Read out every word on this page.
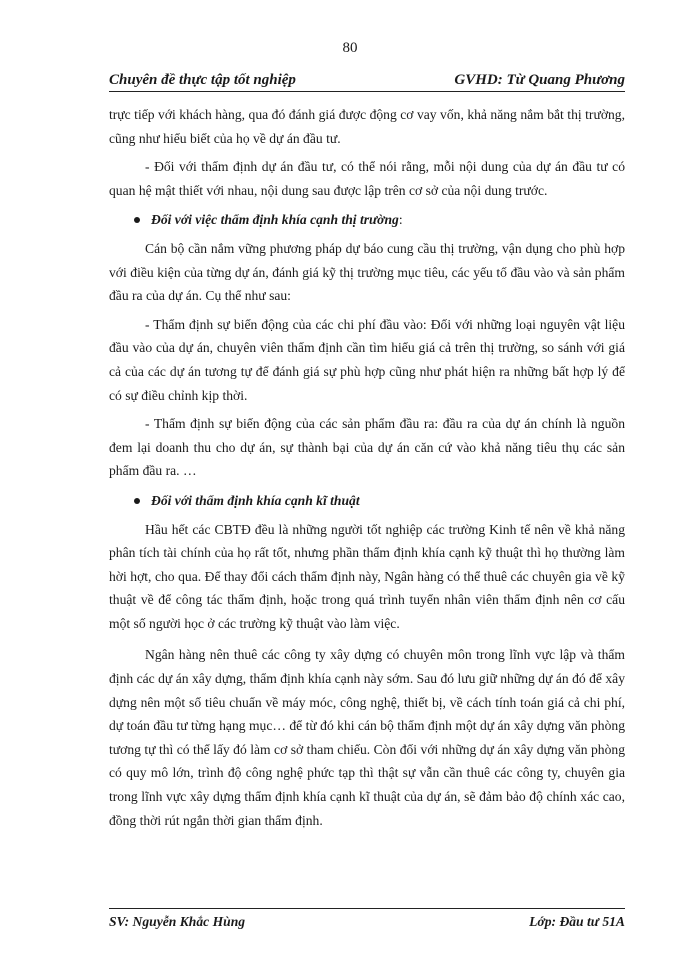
80
Chuyên đề thực tập tốt nghiệp	GVHD: Từ Quang Phương

trực tiếp với khách hàng, qua đó đánh giá được động cơ vay vốn, khả năng nắm bắt thị trường, cũng như hiểu biết của họ về dự án đầu tư.

- Đối với thẩm định dự án đầu tư, có thể nói rằng, mỗi nội dung của dự án đầu tư có quan hệ mật thiết với nhau, nội dung sau được lập trên cơ sở của nội dung trước.

Đối với việc thẩm định khía cạnh thị trường:

Cán bộ cần nắm vững phương pháp dự báo cung cầu thị trường, vận dụng cho phù hợp với điều kiện của từng dự án, đánh giá kỹ thị trường mục tiêu, các yếu tố đầu vào và sản phẩm đầu ra của dự án. Cụ thể như sau:

- Thẩm định sự biến động của các chi phí đầu vào: Đối với những loại nguyên vật liệu đầu vào của dự án, chuyên viên thẩm định cần tìm hiểu giá cả trên thị trường, so sánh với giá cả của các dự án tương tự để đánh giá sự phù hợp cũng như phát hiện ra những bất hợp lý để có sự điều chỉnh kịp thời.

- Thẩm định sự biến động của các sản phẩm đầu ra: đầu ra của dự án chính là nguồn đem lại doanh thu cho dự án, sự thành bại của dự án căn cứ vào khả năng tiêu thụ các sản phẩm đầu ra. …

Đối với thẩm định khía cạnh kĩ thuật

Hầu hết các CBTĐ đều là những người tốt nghiệp các trường Kinh tế nên về khả năng phân tích tài chính của họ rất tốt, nhưng phần thẩm định khía cạnh kỹ thuật thì họ thường làm hời hợt, cho qua. Để thay đổi cách thẩm định này, Ngân hàng có thể thuê các chuyên gia về kỹ thuật về để công tác thẩm định, hoặc trong quá trình tuyển nhân viên thẩm định nên cơ cấu một số người học ở các trường kỹ thuật vào làm việc.

Ngân hàng nên thuê các công ty xây dựng có chuyên môn trong lĩnh vực lập và thẩm định các dự án xây dựng, thẩm định khía cạnh này sớm. Sau đó lưu giữ những dự án đó để xây dựng nên một số tiêu chuẩn về máy móc, công nghệ, thiết bị, về cách tính toán giá cả chi phí, dự toán đầu tư từng hạng mục… để từ đó khi cán bộ thẩm định một dự án xây dựng văn phòng tương tự thì có thể lấy đó làm cơ sở tham chiếu. Còn đối với những dự án xây dựng văn phòng có quy mô lớn, trình độ công nghệ phức tạp thì thật sự vẫn cần thuê các công ty, chuyên gia trong lĩnh vực xây dựng thẩm định khía cạnh kĩ thuật của dự án, sẽ đảm bảo độ chính xác cao, đồng thời rút ngắn thời gian thẩm định.

SV: Nguyễn Khắc Hùng	Lớp: Đầu tư 51A
